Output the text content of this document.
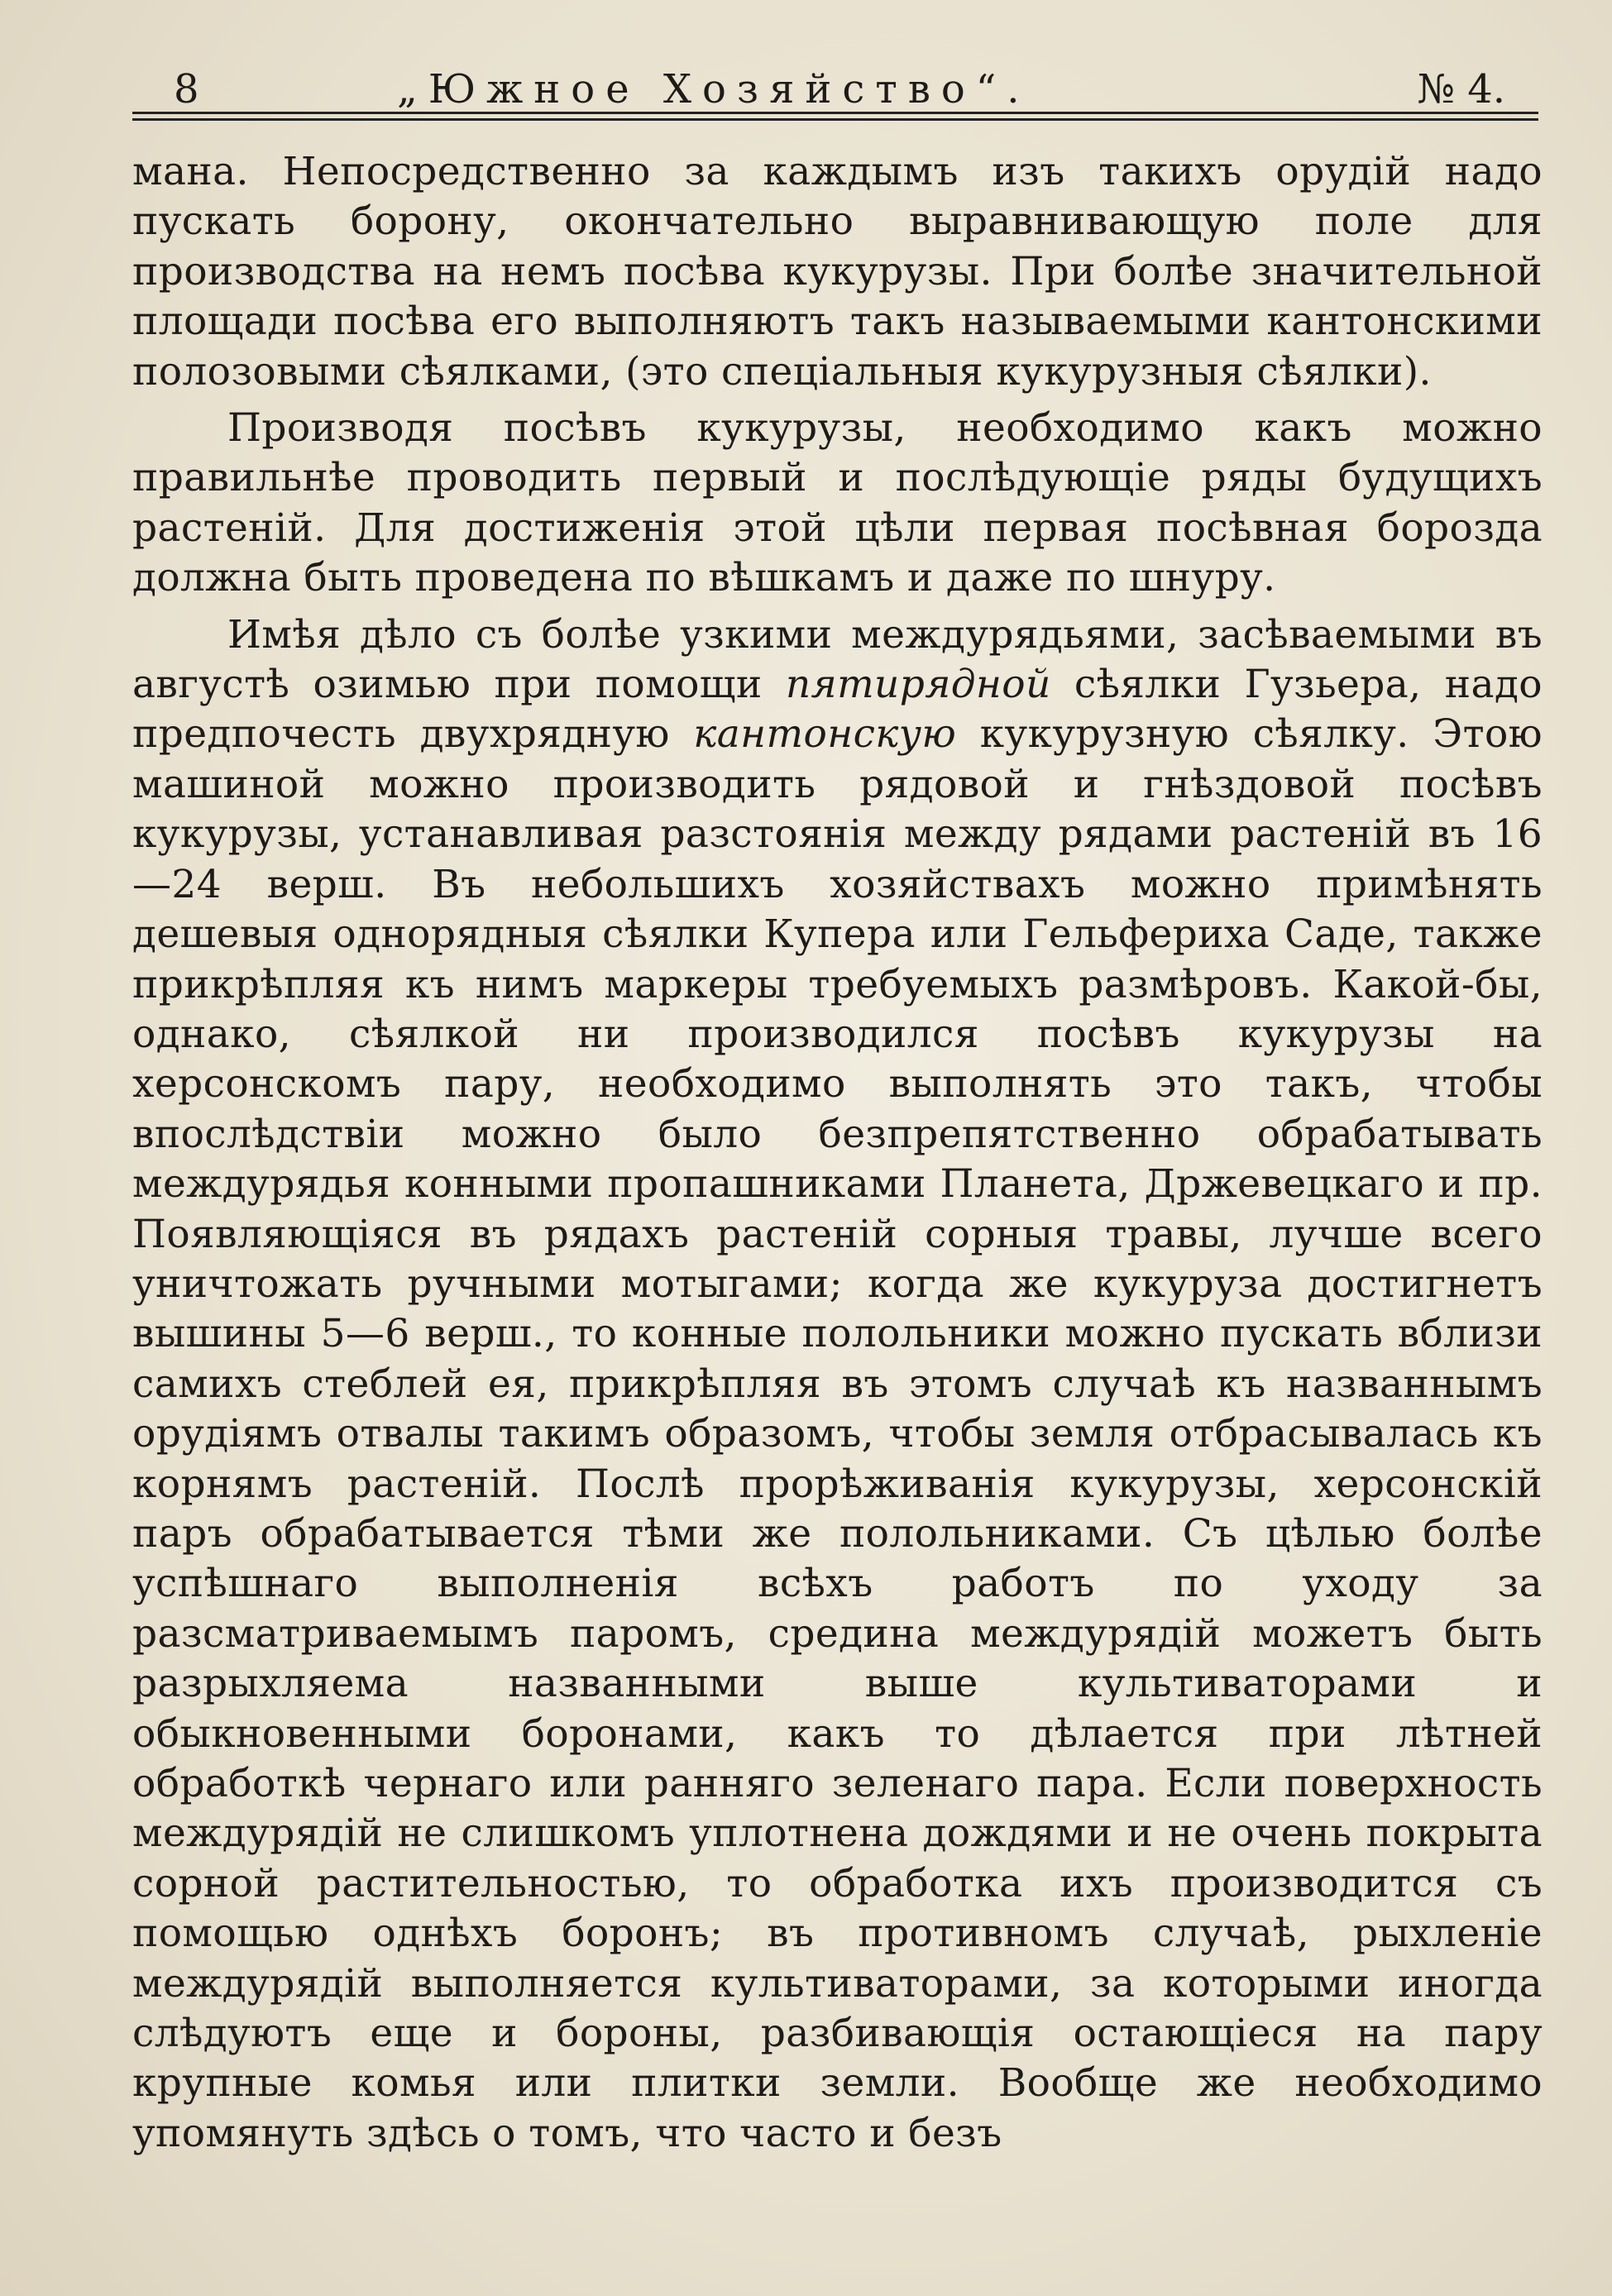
8	„Южное Хозяйство“.	№ 4.

мана. Непосредственно за каждымъ изъ такихъ орудій надо пускать борону, окончательно выравнивающую поле для производства на немъ посѣва кукурузы. При болѣе значительной площади посѣва его выполняютъ такъ называемыми кантонскими полозовыми сѣялками, (это спеціальныя кукурузныя сѣялки).

Производя посѣвъ кукурузы, необходимо какъ можно правильнѣе проводить первый и послѣдующіе ряды будущихъ растеній. Для достиженія этой цѣли первая посѣвная борозда должна быть проведена по вѣшкамъ и даже по шнуру.

Имѣя дѣло съ болѣе узкими междурядьями, засѣваемыми въ августѣ озимью при помощи пятирядной сѣялки Гузьера, надо предпочесть двухрядную кантонскую кукурузную сѣялку. Этою машиной можно производить рядовой и гнѣздовой посѣвъ кукурузы, устанавливая разстоянія между рядами растеній въ 16—24 верш. Въ небольшихъ хозяйствахъ можно примѣнять дешевыя однорядныя сѣялки Купера или Гельфериха Саде, также прикрѣпляя къ нимъ маркеры требуемыхъ размѣровъ. Какой-бы, однако, сѣялкой ни производился посѣвъ кукурузы на херсонскомъ пару, необходимо выполнять это такъ, чтобы впослѣдствіи можно было безпрепятственно обрабатывать междурядья конными пропашниками Планета, Држевецкаго и пр. Появляющіяся въ рядахъ растеній сорныя травы, лучше всего уничтожать ручными мотыгами; когда же кукуруза достигнетъ вышины 5—6 верш., то конные полольники можно пускать вблизи самихъ стеблей ея, прикрѣпляя въ этомъ случаѣ къ названнымъ орудіямъ отвалы такимъ образомъ, чтобы земля отбрасывалась къ корнямъ растеній. Послѣ прорѣживанія кукурузы, херсонскій паръ обрабатывается тѣми же полольниками. Съ цѣлью болѣе успѣшнаго выполненія всѣхъ работъ по уходу за разсматриваемымъ паромъ, средина междурядій можетъ быть разрыхляема названными выше культиваторами и обыкновенными боронами, какъ то дѣлается при лѣтней обработкѣ чернаго или ранняго зеленаго пара. Если поверхность междурядій не слишкомъ уплотнена дождями и не очень покрыта сорной растительностью, то обработка ихъ производится съ помощью однѣхъ боронъ; въ противномъ случаѣ, рыхленіе междурядій выполняется культиваторами, за которыми иногда слѣдуютъ еще и бороны, разбивающія остающіеся на пару крупные комья или плитки земли. Вообще же необходимо упомянуть здѣсь о томъ, что часто и безъ
